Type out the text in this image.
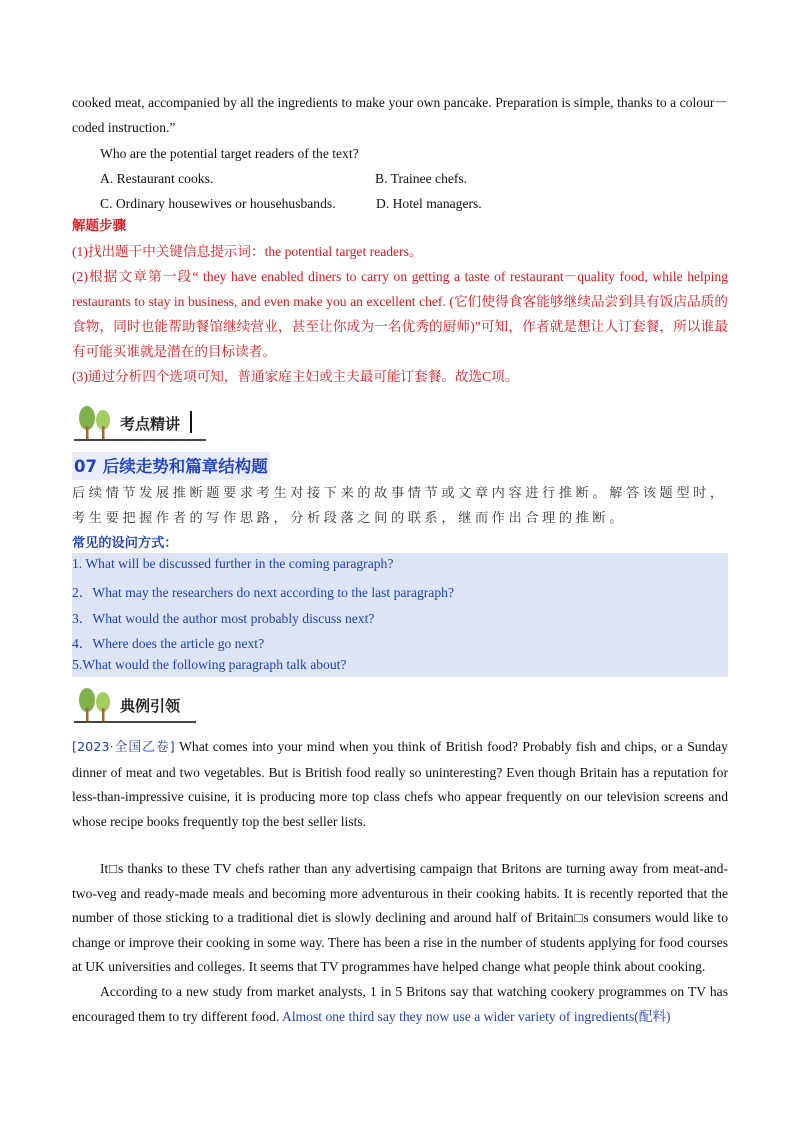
cooked meat, accompanied by all the ingredients to make your own pancake. Preparation is simple, thanks to a colour－coded instruction.”

Who are the potential target readers of the text?
A. Restaurant cooks.	B. Trainee chefs.
C. Ordinary housewives or househusbands.	D. Hotel managers.
解题步骤
(1)找出题干中关键信息提示词：the potential target readers。
(2)根据文章第一段“ they have enabled diners to carry on getting a taste of restaurant－quality food, while helping restaurants to stay in business, and even make you an excellent chef. (它们使得食客能够继续品尝到具有饭店品质的食物，同时也能帮助餐馆继续营业，甚至让你成为一名优秀的厨师)”可知，作者就是想让人订套餐，所以谁最有可能买谁就是潜在的目标读者。
(3)通过分析四个选项可知，普通家庭主妇或主夫最可能订套餐。故选C项。
考点精讲
07 后续走势和篇章结构题
后续情节发展推断题要求考生对接下来的故事情节或文章内容进行推断。解答该题型时，考生要把握作者的写作思路，分析段落之间的联系，继而作出合理的推断。
常见的设问方式：
1. What will be discussed further in the coming paragraph?
2．What may the researchers do next according to the last paragraph?
3．What would the author most probably discuss next?
4．Where does the article go next?
5.What would the following paragraph talk about?
典例引领

[2023·全国乙卷] What comes into your mind when you think of British food? Probably fish and chips, or a Sunday dinner of meat and two vegetables. But is British food really so uninteresting? Even though Britain has a reputation for less-than-impressive cuisine, it is producing more top class chefs who appear frequently on our television screens and whose recipe books frequently top the best seller lists.

It□s thanks to these TV chefs rather than any advertising campaign that Britons are turning away from meat-and-two-veg and ready-made meals and becoming more adventurous in their cooking habits. It is recently reported that the number of those sticking to a traditional diet is slowly declining and around half of Britain□s consumers would like to change or improve their cooking in some way. There has been a rise in the number of students applying for food courses at UK universities and colleges. It seems that TV programmes have helped change what people think about cooking.

According to a new study from market analysts, 1 in 5 Britons say that watching cookery programmes on TV has encouraged them to try different food. Almost one third say they now use a wider variety of ingredients(配料)
